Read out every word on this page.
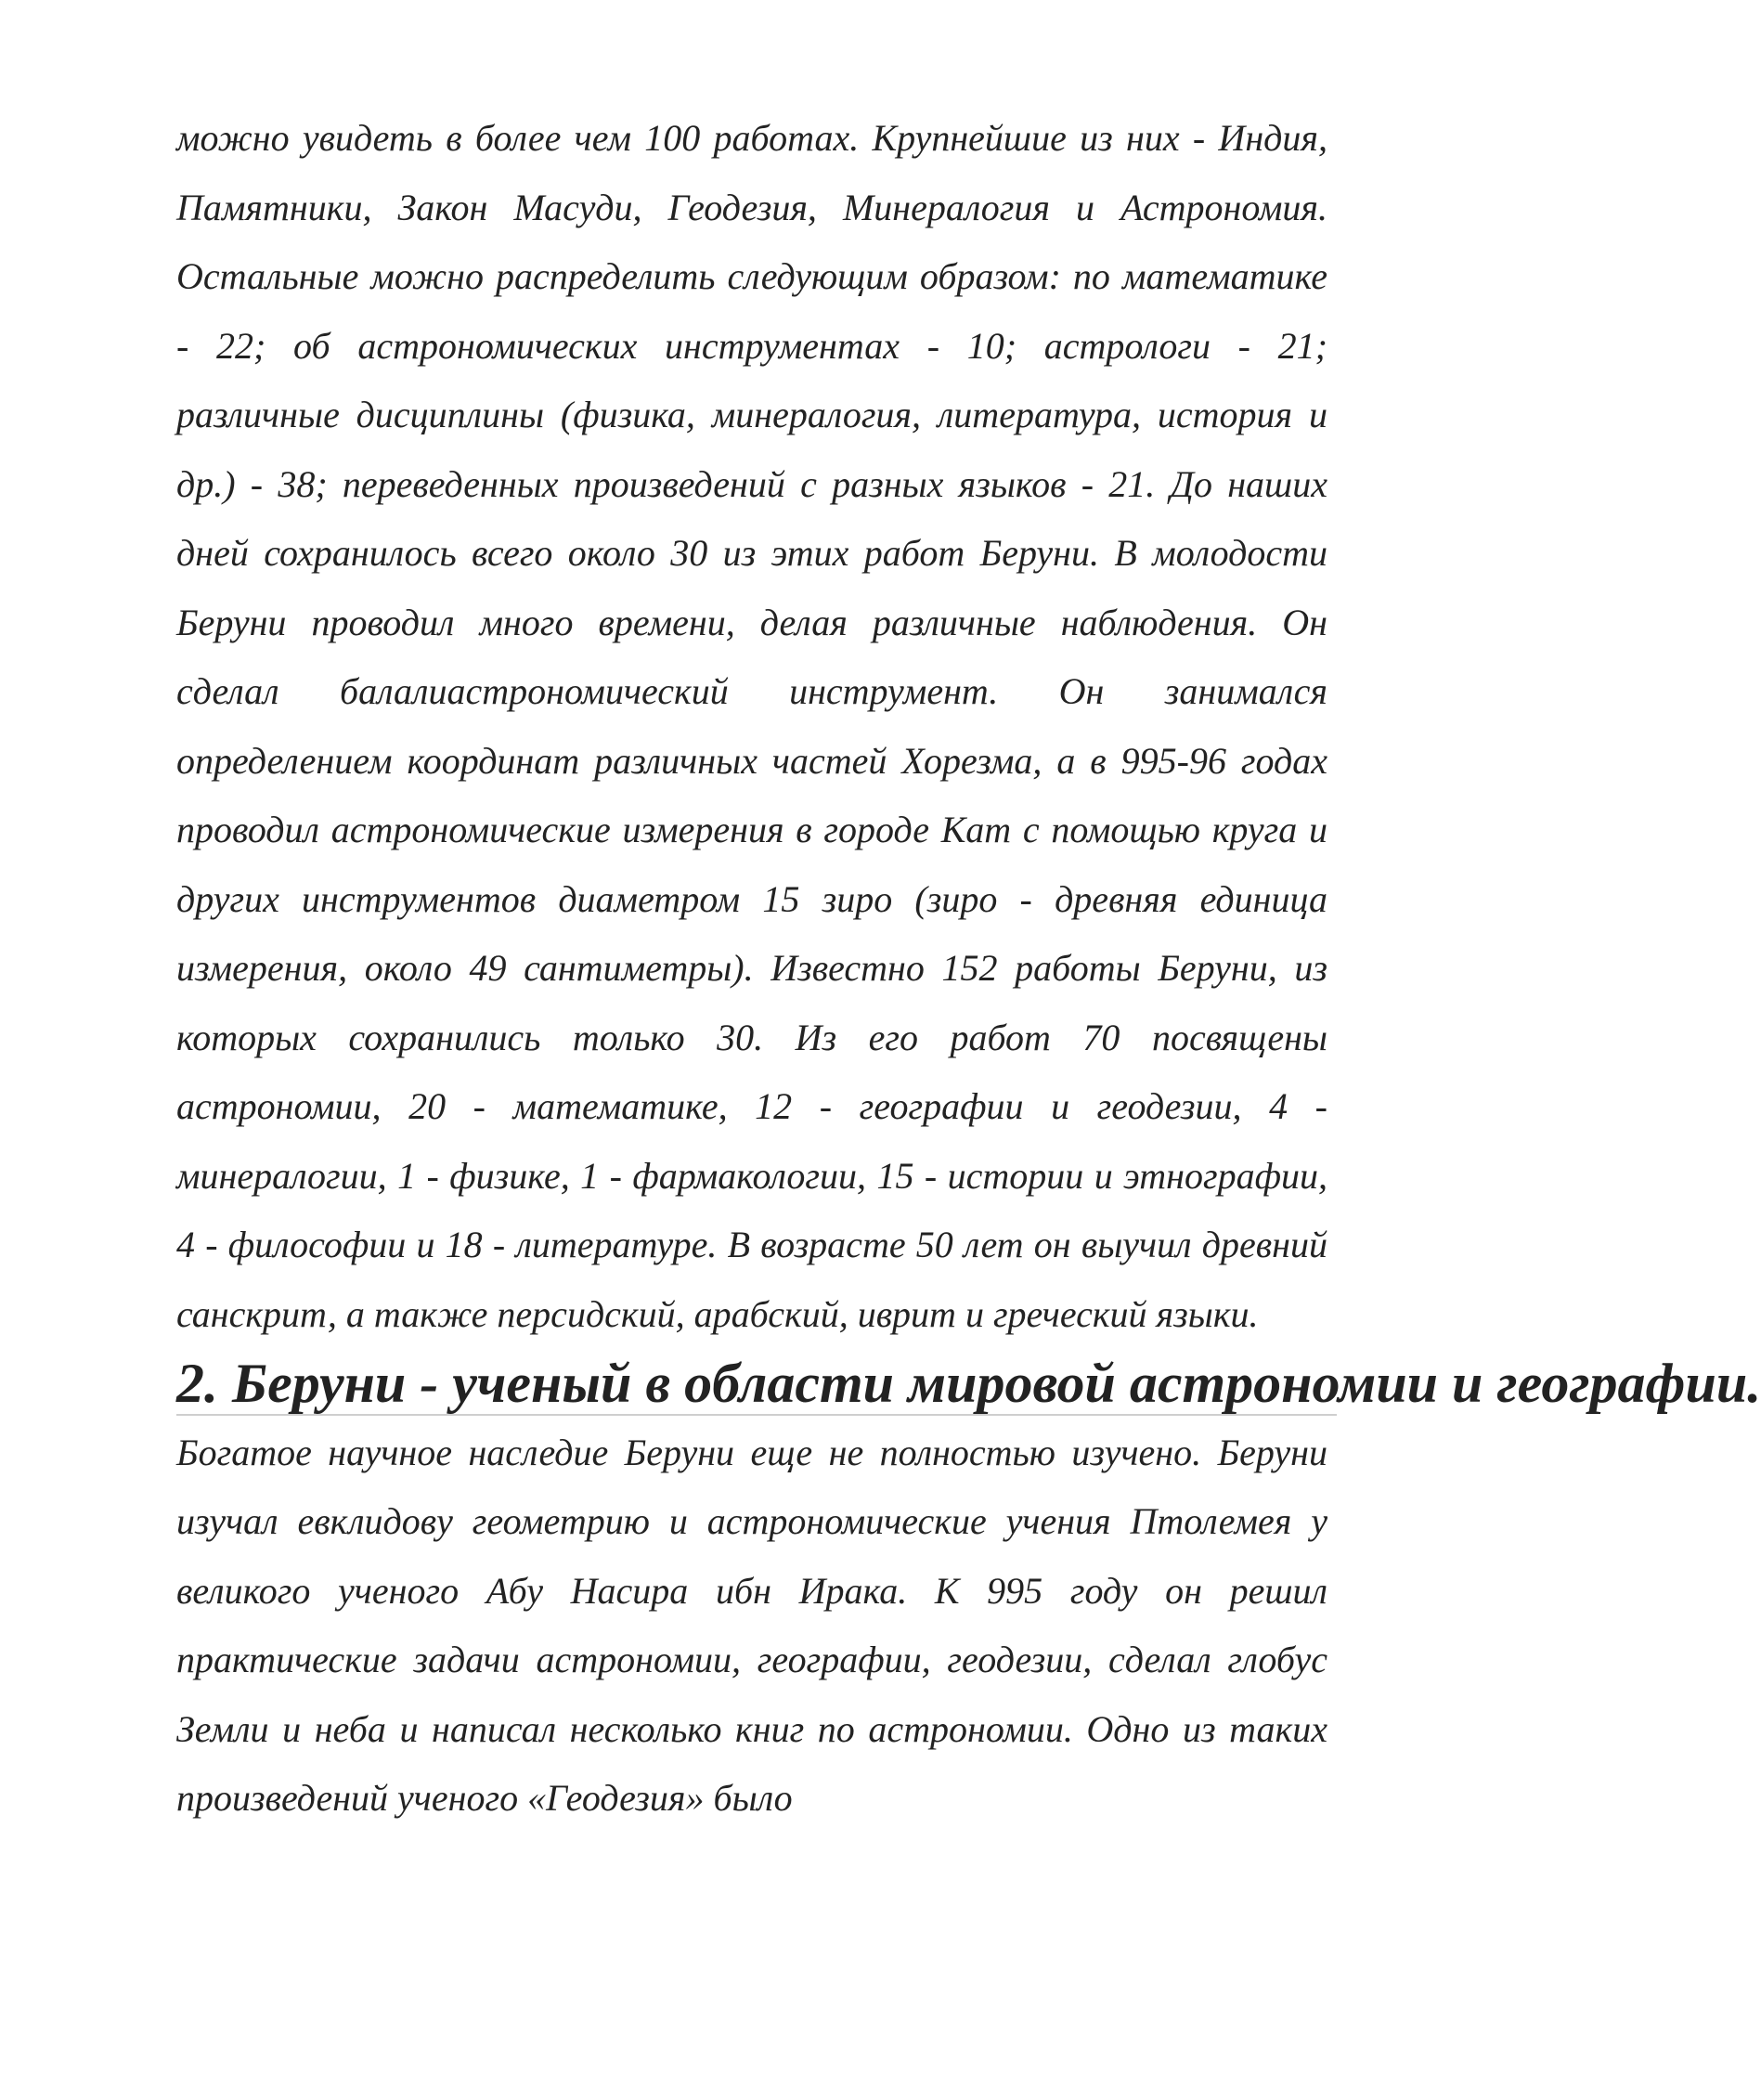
можно увидеть в более чем 100 работах. Крупнейшие из них - Индия, Памятники, Закон Масуди, Геодезия, Минералогия и Астрономия. Остальные можно распределить следующим образом: по математике - 22; об астрономических инструментах - 10; астрологи - 21; различные дисциплины (физика, минералогия, литература, история и др.) - 38; переведенных произведений с разных языков - 21. До наших дней сохранилось всего около 30 из этих работ Беруни. В молодости Беруни проводил много времени, делая различные наблюдения. Он сделал балалиастрономический инструмент. Он занимался определением координат различных частей Хорезма, а в 995-96 годах проводил астрономические измерения в городе Кат с помощью круга и других инструментов диаметром 15 зиро (зиро - древняя единица измерения, около 49 сантиметры). Известно 152 работы Беруни, из которых сохранились только 30. Из его работ 70 посвящены астрономии, 20 - математике, 12 - географии и геодезии, 4 - минералогии, 1 - физике, 1 - фармакологии, 15 - истории и этнографии, 4 - философии и 18 - литературе. В возрасте 50 лет он выучил древний санскрит, а также персидский, арабский, иврит и греческий языки.

2. Беруни - ученый в области мировой астрономии и географии.

Богатое научное наследие Беруни еще не полностью изучено. Беруни изучал евклидову геометрию и астрономические учения Птолемея у великого ученого Абу Насира ибн Ирака. К 995 году он решил практические задачи астрономии, географии, геодезии, сделал глобус Земли и неба и написал несколько книг по астрономии. Одно из таких произведений ученого «Геодезия» было
